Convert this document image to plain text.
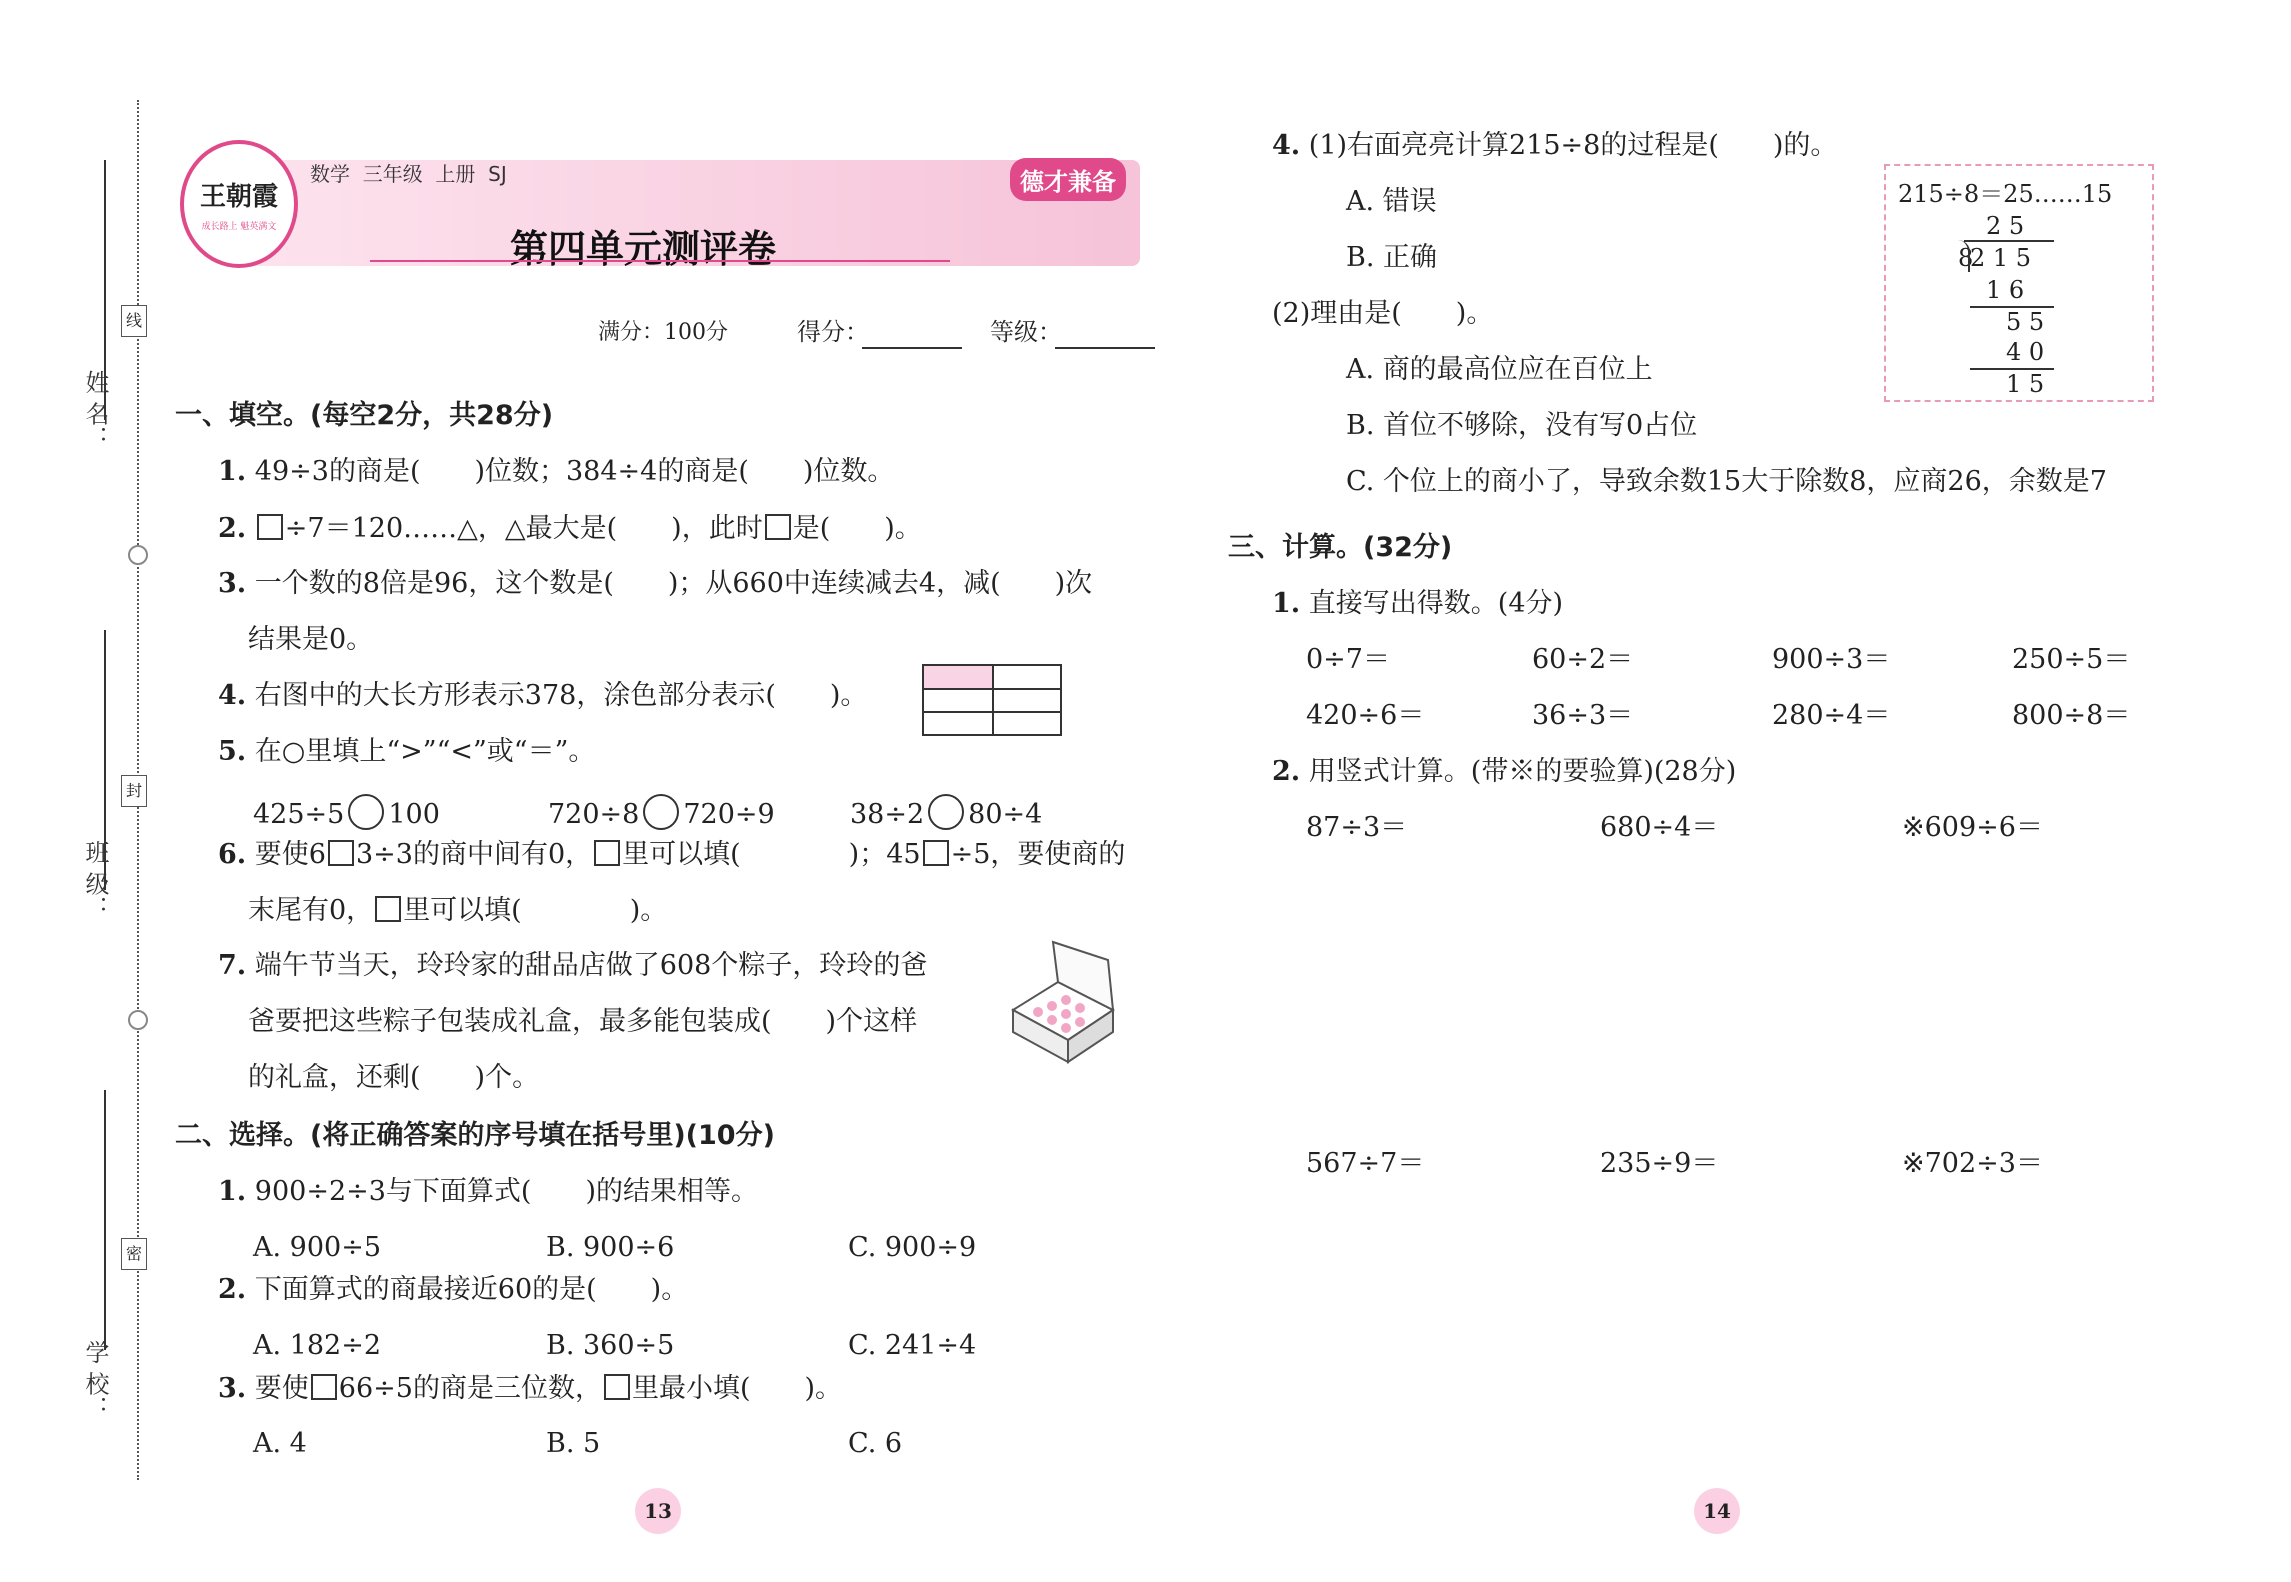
姓 名：
班 级：
学 校：
线
封
密
王朝霞
成长路上 魁英满文
数学  三年级  上册  SJ	德才兼备
第四单元测评卷
满分：100分	得分：	等级：
一、填空。(每空2分，共28分)
1. 49÷3的商是(　　)位数；384÷4的商是(　　)位数。
2. ÷7＝120……△，△最大是(　　)，此时 是(　　)。
3. 一个数的8倍是96，这个数是(　　)；从660中连续减去4，减(　　)次
结果是0。
4. 右图中的大长方形表示378，涂色部分表示(　　)。
5. 在○里填上“>”“<”或“＝”。
425÷5 100	720÷8 720÷9	38÷2 80÷4
6. 要使6 3÷3的商中间有0， 里可以填(　　　　)；45 ÷5，要使商的
末尾有0， 里可以填(　　　　)。
7. 端午节当天，玲玲家的甜品店做了608个粽子，玲玲的爸
爸要把这些粽子包装成礼盒，最多能包装成(　　)个这样
的礼盒，还剩(　　)个。
二、选择。(将正确答案的序号填在括号里)(10分)
1. 900÷2÷3与下面算式(　　)的结果相等。
A. 900÷5	B. 900÷6	C. 900÷9
2. 下面算式的商最接近60的是(　　)。
A. 182÷2	B. 360÷5	C. 241÷4
3. 要使 66÷5的商是三位数， 里最小填(　　)。
A. 4	B. 5	C. 6
4. (1)右面亮亮计算215÷8的过程是(　　)的。
A. 错误
B. 正确
(2)理由是(　　)。
A. 商的最高位应在百位上
B. 首位不够除，没有写0占位
C. 个位上的商小了，导致余数15大于除数8，应商26，余数是7
215÷8＝25……15
2 5
8
2 1 5
1 6
5 5
4 0
1 5
三、计算。(32分)
1. 直接写出得数。(4分)
0÷7＝	60÷2＝	900÷3＝	250÷5＝
420÷6＝	36÷3＝	280÷4＝	800÷8＝
2. 用竖式计算。(带※的要验算)(28分)
87÷3＝	680÷4＝	※609÷6＝
567÷7＝	235÷9＝	※702÷3＝
13	14
